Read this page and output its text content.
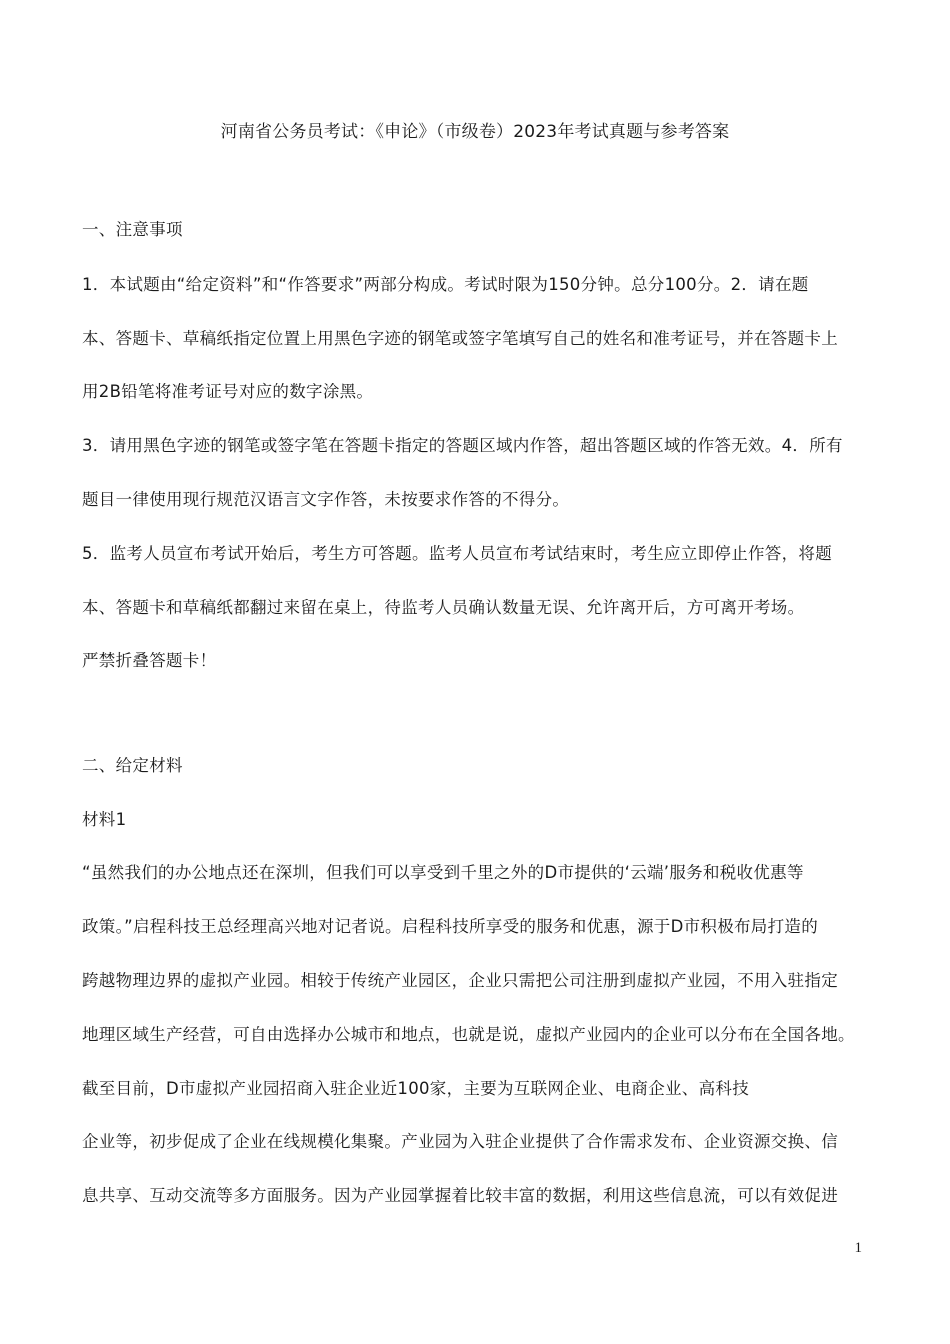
河南省公务员考试：《申论》（市级卷）2023年考试真题与参考答案
一、注意事项
1．本试题由“给定资料”和“作答要求”两部分构成。考试时限为150分钟。总分100分。2．请在题
本、答题卡、草稿纸指定位置上用黑色字迹的钢笔或签字笔填写自己的姓名和准考证号，并在答题卡上
用2B铅笔将准考证号对应的数字涂黑。
3．请用黑色字迹的钢笔或签字笔在答题卡指定的答题区域内作答，超出答题区域的作答无效。4．所有
题目一律使用现行规范汉语言文字作答，未按要求作答的不得分。
5．监考人员宣布考试开始后，考生方可答题。监考人员宣布考试结束时，考生应立即停止作答，将题
本、答题卡和草稿纸都翻过来留在桌上，待监考人员确认数量无误、允许离开后，方可离开考场。
严禁折叠答题卡！
二、给定材料
材料1
“虽然我们的办公地点还在深圳，但我们可以享受到千里之外的D市提供的‘云端’服务和税收优惠等
政策。”启程科技王总经理高兴地对记者说。启程科技所享受的服务和优惠，源于D市积极布局打造的
跨越物理边界的虚拟产业园。相较于传统产业园区，企业只需把公司注册到虚拟产业园，不用入驻指定
地理区域生产经营，可自由选择办公城市和地点，也就是说，虚拟产业园内的企业可以分布在全国各地。
截至目前，D市虚拟产业园招商入驻企业近100家，主要为互联网企业、电商企业、高科技
企业等，初步促成了企业在线规模化集聚。产业园为入驻企业提供了合作需求发布、企业资源交换、信
息共享、互动交流等多方面服务。因为产业园掌握着比较丰富的数据，利用这些信息流，可以有效促进
1
